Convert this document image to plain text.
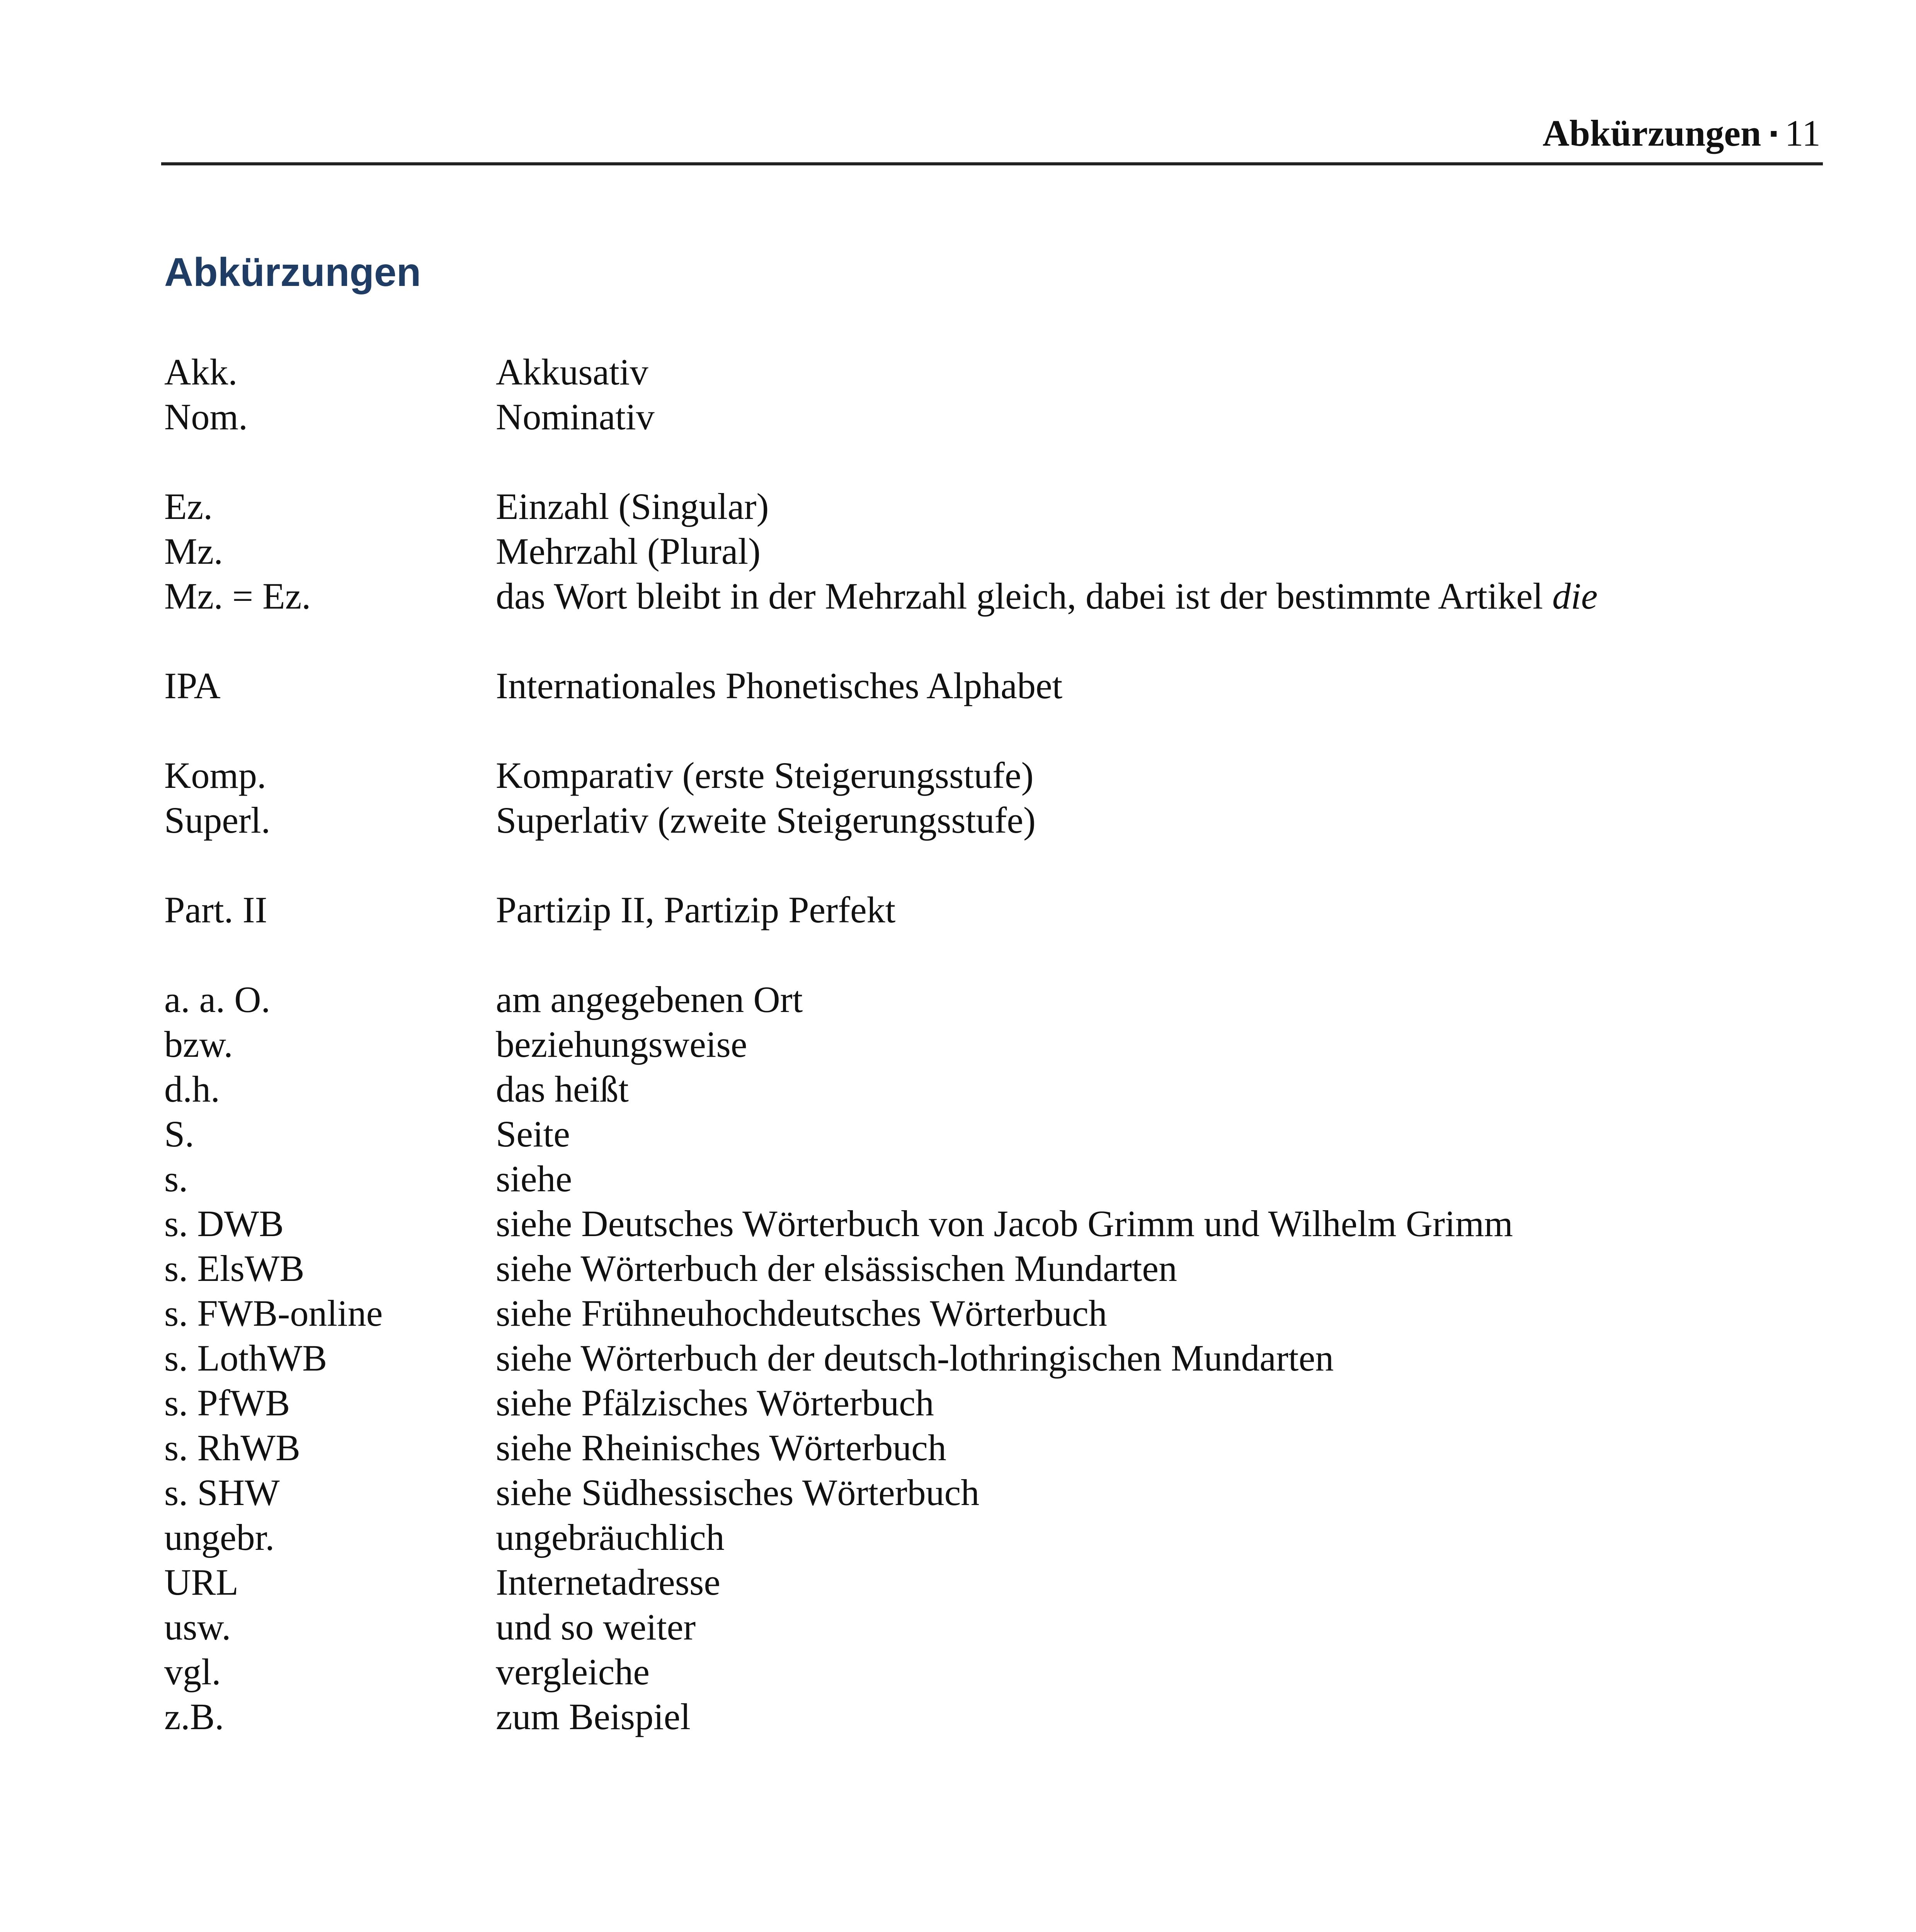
Abkürzungen ▪ 11
Abkürzungen
Akk.	Akkusativ
Nom.	Nominativ
Ez.	Einzahl (Singular)
Mz.	Mehrzahl (Plural)
Mz. = Ez.	das Wort bleibt in der Mehrzahl gleich, dabei ist der bestimmte Artikel die
IPA	Internationales Phonetisches Alphabet
Komp.	Komparativ (erste Steigerungsstufe)
Superl.	Superlativ (zweite Steigerungsstufe)
Part. II	Partizip II, Partizip Perfekt
a. a. O.	am angegebenen Ort
bzw.	beziehungsweise
d.h.	das heißt
S.	Seite
s.	siehe
s. DWB	siehe Deutsches Wörterbuch von Jacob Grimm und Wilhelm Grimm
s. ElsWB	siehe Wörterbuch der elsässischen Mundarten
s. FWB-online	siehe Frühneuhochdeutsches Wörterbuch
s. LothWB	siehe Wörterbuch der deutsch-lothringischen Mundarten
s. PfWB	siehe Pfälzisches Wörterbuch
s. RhWB	siehe Rheinisches Wörterbuch
s. SHW	siehe Südhessisches Wörterbuch
ungebr.	ungebräuchlich
URL	Internetadresse
usw.	und so weiter
vgl.	vergleiche
z.B.	zum Beispiel
